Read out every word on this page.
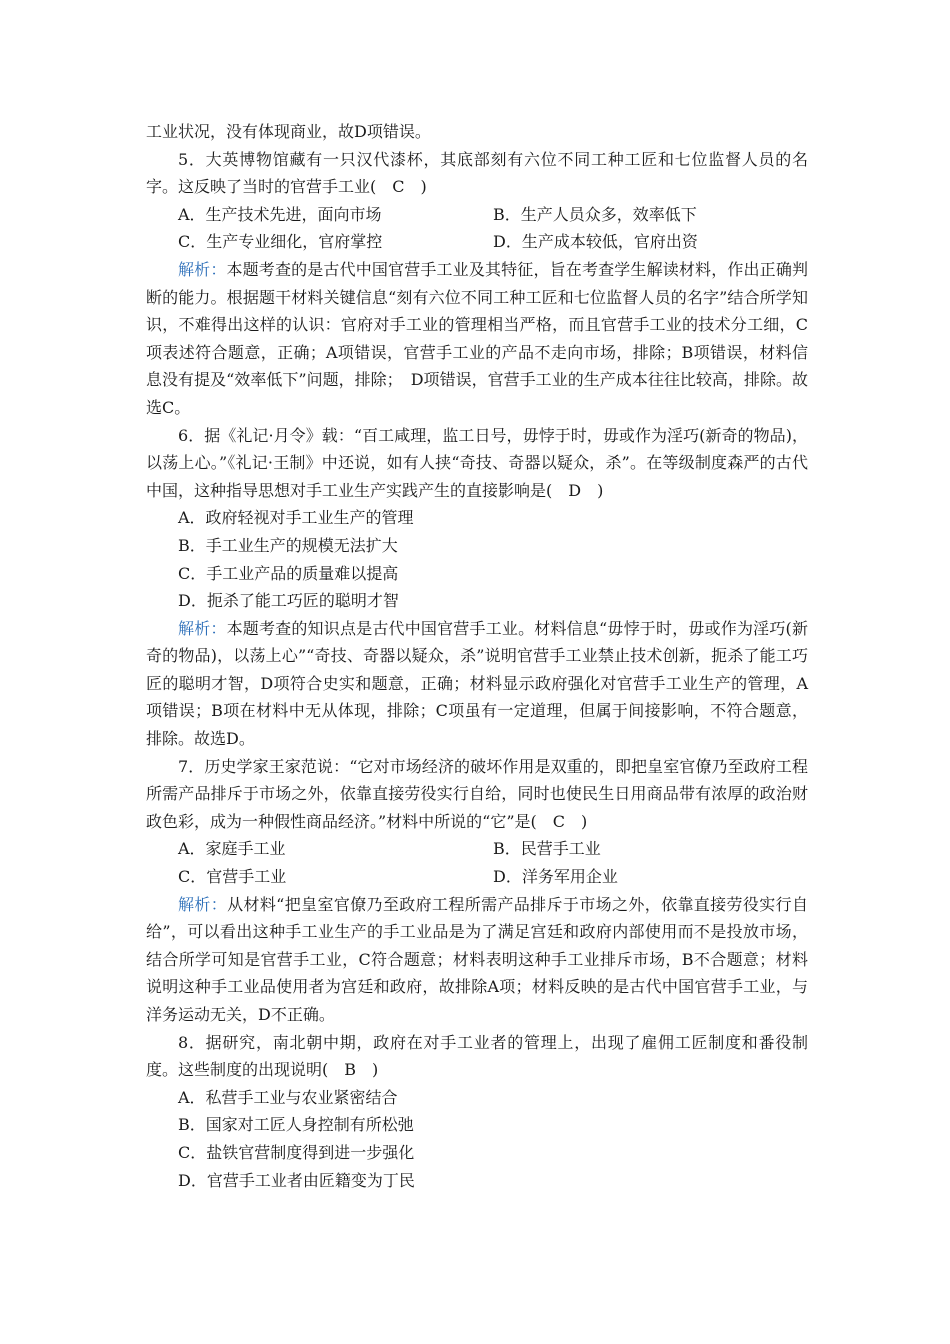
工业状况，没有体现商业，故D项错误。

5．大英博物馆藏有一只汉代漆杯，其底部刻有六位不同工种工匠和七位监督人员的名字。这反映了当时的官营手工业(　C　)

A．生产技术先进，面向市场	B．生产人员众多，效率低下
C．生产专业细化，官府掌控	D．生产成本较低，官府出资

解析：本题考查的是古代中国官营手工业及其特征，旨在考查学生解读材料，作出正确判断的能力。根据题干材料关键信息“刻有六位不同工种工匠和七位监督人员的名字”结合所学知识，不难得出这样的认识：官府对手工业的管理相当严格，而且官营手工业的技术分工细，C项表述符合题意，正确；A项错误，官营手工业的产品不走向市场，排除；B项错误，材料信息没有提及“效率低下”问题，排除；　D项错误，官营手工业的生产成本往往比较高，排除。故选C。

6．据《礼记·月令》载：“百工咸理，监工日号，毋悖于时，毋或作为淫巧(新奇的物品)，以荡上心。”《礼记·王制》中还说，如有人挟“奇技、奇器以疑众，杀”。在等级制度森严的古代中国，这种指导思想对手工业生产实践产生的直接影响是(　D　)

A．政府轻视对手工业生产的管理
B．手工业生产的规模无法扩大
C．手工业产品的质量难以提高
D．扼杀了能工巧匠的聪明才智

解析：本题考查的知识点是古代中国官营手工业。材料信息“毋悖于时，毋或作为淫巧(新奇的物品)，以荡上心”“奇技、奇器以疑众，杀”说明官营手工业禁止技术创新，扼杀了能工巧匠的聪明才智，D项符合史实和题意，正确；材料显示政府强化对官营手工业生产的管理，A项错误；B项在材料中无从体现，排除；C项虽有一定道理，但属于间接影响，不符合题意，排除。故选D。

7．历史学家王家范说：“它对市场经济的破坏作用是双重的，即把皇室官僚乃至政府工程所需产品排斥于市场之外，依靠直接劳役实行自给，同时也使民生日用商品带有浓厚的政治财政色彩，成为一种假性商品经济。”材料中所说的“它”是(　C　)

A．家庭手工业	B．民营手工业
C．官营手工业	D．洋务军用企业

解析：从材料“把皇室官僚乃至政府工程所需产品排斥于市场之外，依靠直接劳役实行自给”，可以看出这种手工业生产的手工业品是为了满足宫廷和政府内部使用而不是投放市场，结合所学可知是官营手工业，C符合题意；材料表明这种手工业排斥市场，B不合题意；材料说明这种手工业品使用者为宫廷和政府，故排除A项；材料反映的是古代中国官营手工业，与洋务运动无关，D不正确。

8．据研究，南北朝中期，政府在对手工业者的管理上，出现了雇佣工匠制度和番役制度。这些制度的出现说明(　B　)

A．私营手工业与农业紧密结合
B．国家对工匠人身控制有所松弛
C．盐铁官营制度得到进一步强化
D．官营手工业者由匠籍变为丁民
